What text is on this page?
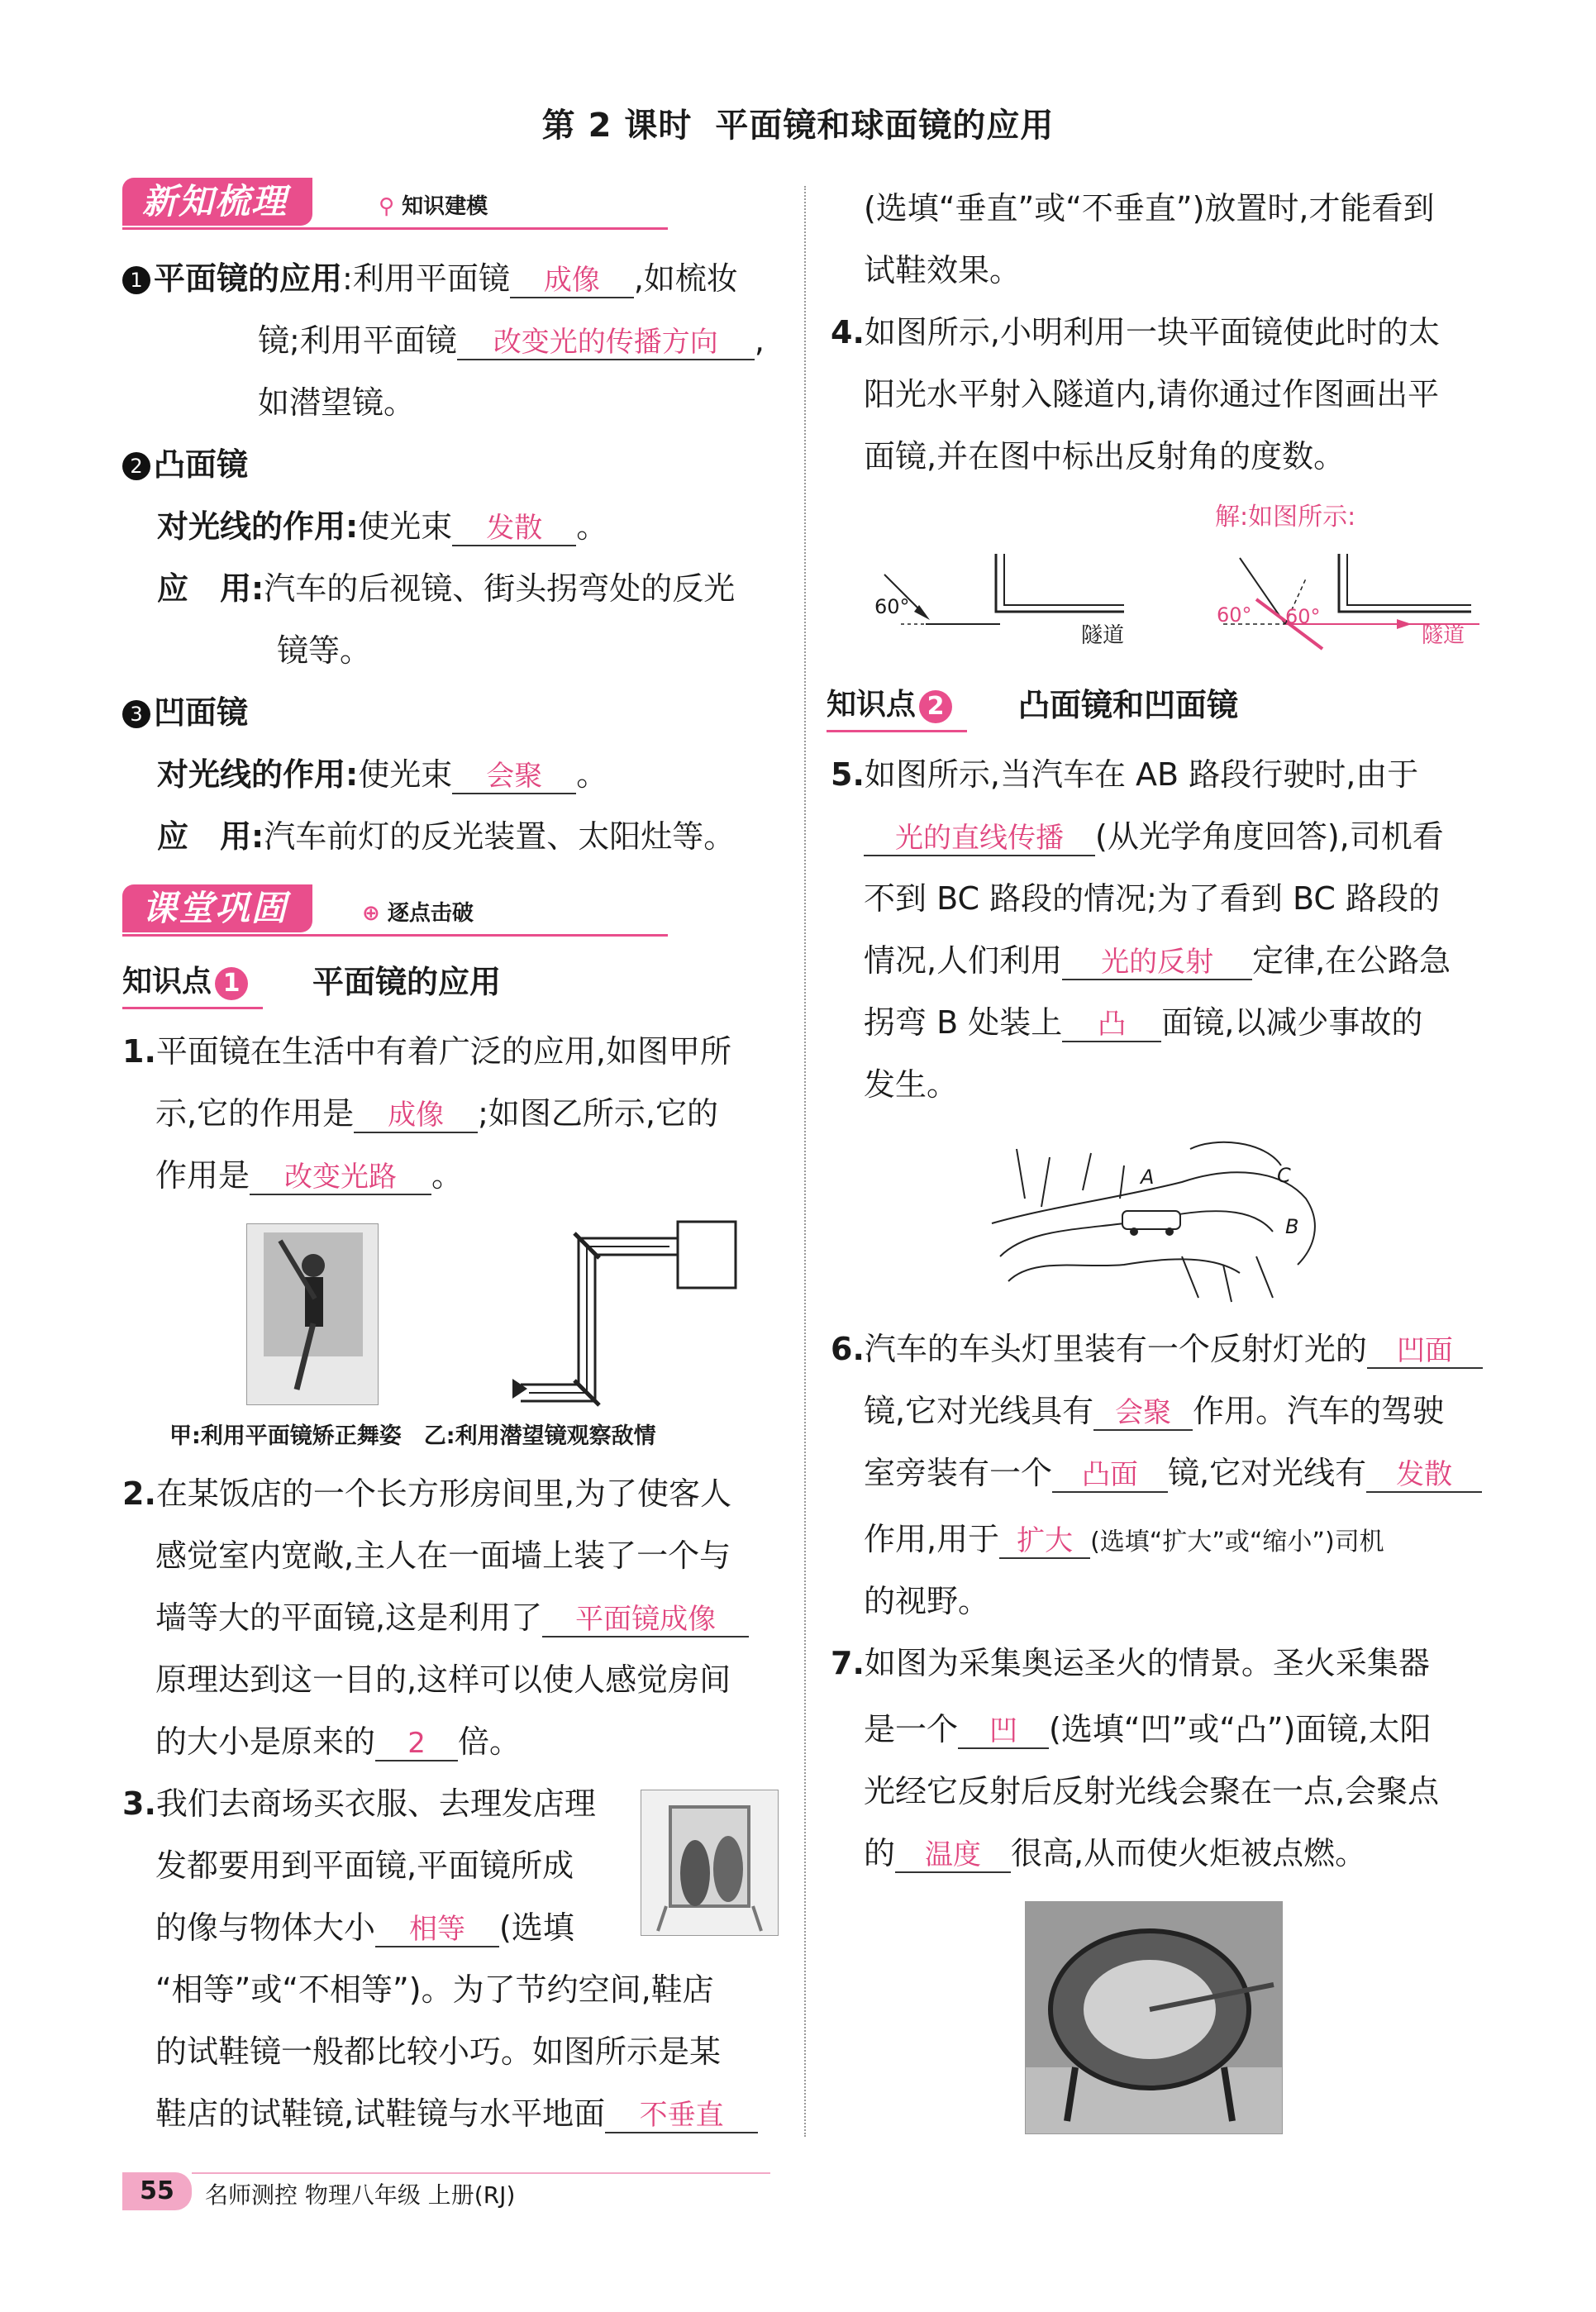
第 2 课时 平面镜和球面镜的应用
新知梳理	⚲ 知识建模
1 平面镜的应用:利用平面镜 成像 ,如梳妆
镜;利用平面镜 改变光的传播方向 ,
如潜望镜。
2 凸面镜
对光线的作用:使光束 发散 。
应　用:汽车的后视镜、街头拐弯处的反光
镜等。
3 凹面镜
对光线的作用:使光束 会聚 。
应　用:汽车前灯的反光装置、太阳灶等。
课堂巩固	⊕ 逐点击破
知识点 1 平面镜的应用
1.平面镜在生活中有着广泛的应用,如图甲所
示,它的作用是 成像 ;如图乙所示,它的
作用是 改变光路 。
甲:利用平面镜矫正舞姿　乙:利用潜望镜观察敌情
2.在某饭店的一个长方形房间里,为了使客人
感觉室内宽敞,主人在一面墙上装了一个与
墙等大的平面镜,这是利用了 平面镜成像
原理达到这一目的,这样可以使人感觉房间
的大小是原来的 2 倍。
3.我们去商场买衣服、去理发店理
发都要用到平面镜,平面镜所成
的像与物体大小 相等 (选填
“相等”或“不相等”)。为了节约空间,鞋店
的试鞋镜一般都比较小巧。如图所示是某
鞋店的试鞋镜,试鞋镜与水平地面 不垂直
(选填“垂直”或“不垂直”)放置时,才能看到
试鞋效果。
4.如图所示,小明利用一块平面镜使此时的太
阳光水平射入隧道内,请你通过作图画出平
面镜,并在图中标出反射角的度数。
解:如图所示:
60°
隧道
60° 60°
隧道
知识点 2 凸面镜和凹面镜
5.如图所示,当汽车在 AB 路段行驶时,由于
光的直线传播 (从光学角度回答),司机看
不到 BC 路段的情况;为了看到 BC 路段的
情况,人们利用 光的反射 定律,在公路急
拐弯 B 处装上 凸 面镜,以减少事故的
发生。
A
B
C
6.汽车的车头灯里装有一个反射灯光的 凹面
镜,它对光线具有 会聚 作用。汽车的驾驶
室旁装有一个 凸面 镜,它对光线有 发散
作用,用于 扩大 (选填“扩大”或“缩小”)司机
的视野。
7.如图为采集奥运圣火的情景。圣火采集器
是一个 凹 (选填“凹”或“凸”)面镜,太阳
光经它反射后反射光线会聚在一点,会聚点
的 温度 很高,从而使火炬被点燃。
55	名师测控 物理八年级 上册(RJ)
